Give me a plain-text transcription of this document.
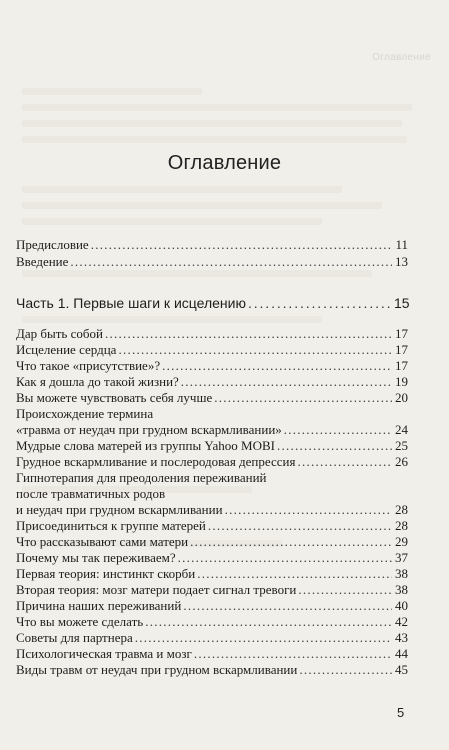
Оглавление
Оглавление
Предисловие . . .	11
Введение . . .	13
Часть 1. Первые шаги к исцелению . . .	15
Дар быть собой . . .	17
Исцеление сердца . . .	17
Что такое «присутствие»? . . .	17
Как я дошла до такой жизни? . . .	19
Вы можете чувствовать себя лучше . . .	20
Происхождение термина
«травма от неудач при грудном вскармливании» . . .	24
Мудрые слова матерей из группы Yahoo MOBI . . .	25
Грудное вскармливание и послеродовая депрессия . . .	26
Гипнотерапия для преодоления переживаний
после травматичных родов
и неудач при грудном вскармливании . . .	28
Присоединиться к группе матерей . . .	28
Что рассказывают сами матери . . .	29
Почему мы так переживаем? . . .	37
Первая теория: инстинкт скорби . . .	38
Вторая теория: мозг матери подает сигнал тревоги . . .	38
Причина наших переживаний . . .	40
Что вы можете сделать . . .	42
Советы для партнера . . .	43
Психологическая травма и мозг . . .	44
Виды травм от неудач при грудном вскармливании . . .	45
5
